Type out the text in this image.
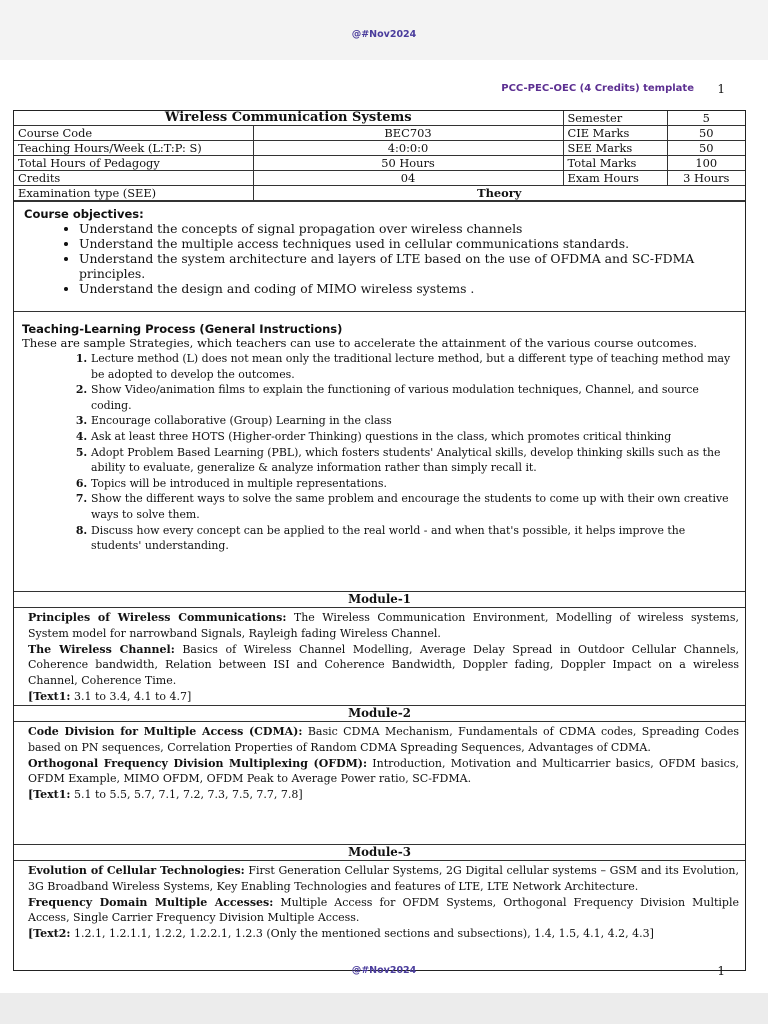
@#Nov2024
PCC-PEC-OEC (4 Credits) template 1
Wireless Communication Systems		Semester	5
Course Code	BEC703	CIE Marks	50
Teaching Hours/Week (L:T:P: S)	4:0:0:0	SEE Marks	50
Total Hours of Pedagogy	50 Hours	Total Marks	100
Credits	04	Exam Hours	3 Hours
Examination type (SEE)	Theory		
Course objectives:
• Understand the concepts of signal propagation over wireless channels
• Understand the multiple access techniques used in cellular communications standards.
• Understand the system architecture and layers of LTE based on the use of OFDMA and SC-FDMA principles.
• Understand the design and coding of MIMO wireless systems .
Teaching-Learning Process (General Instructions)
These are sample Strategies, which teachers can use to accelerate the attainment of the various course outcomes.
1. Lecture method (L) does not mean only the traditional lecture method, but a different type of teaching method may be adopted to develop the outcomes.
2. Show Video/animation films to explain the functioning of various modulation techniques, Channel, and source coding.
3. Encourage collaborative (Group) Learning in the class
4. Ask at least three HOTS (Higher-order Thinking) questions in the class, which promotes critical thinking
5. Adopt Problem Based Learning (PBL), which fosters students' Analytical skills, develop thinking skills such as the ability to evaluate, generalize & analyze information rather than simply recall it.
6. Topics will be introduced in multiple representations.
7. Show the different ways to solve the same problem and encourage the students to come up with their own creative ways to solve them.
8. Discuss how every concept can be applied to the real world - and when that's possible, it helps improve the students' understanding.
Module-1
Principles of Wireless Communications: The Wireless Communication Environment, Modelling of wireless systems, System model for narrowband Signals, Rayleigh fading Wireless Channel.
The Wireless Channel: Basics of Wireless Channel Modelling, Average Delay Spread in Outdoor Cellular Channels, Coherence bandwidth, Relation between ISI and Coherence Bandwidth, Doppler fading, Doppler Impact on a wireless Channel, Coherence Time.
[Text1: 3.1 to 3.4, 4.1 to 4.7]
Module-2
Code Division for Multiple Access (CDMA): Basic CDMA Mechanism, Fundamentals of CDMA codes, Spreading Codes based on PN sequences, Correlation Properties of Random CDMA Spreading Sequences, Advantages of CDMA.
Orthogonal Frequency Division Multiplexing (OFDM): Introduction, Motivation and Multicarrier basics, OFDM basics, OFDM Example, MIMO OFDM, OFDM Peak to Average Power ratio, SC-FDMA.
[Text1: 5.1 to 5.5, 5.7, 7.1, 7.2, 7.3, 7.5, 7.7, 7.8]
Module-3
Evolution of Cellular Technologies: First Generation Cellular Systems, 2G Digital cellular systems – GSM and its Evolution, 3G Broadband Wireless Systems, Key Enabling Technologies and features of LTE, LTE Network Architecture.
Frequency Domain Multiple Accesses: Multiple Access for OFDM Systems, Orthogonal Frequency Division Multiple Access, Single Carrier Frequency Division Multiple Access.
[Text2: 1.2.1, 1.2.1.1, 1.2.2, 1.2.2.1, 1.2.3 (Only the mentioned sections and subsections), 1.4, 1.5, 4.1, 4.2, 4.3]
@#Nov2024	1
